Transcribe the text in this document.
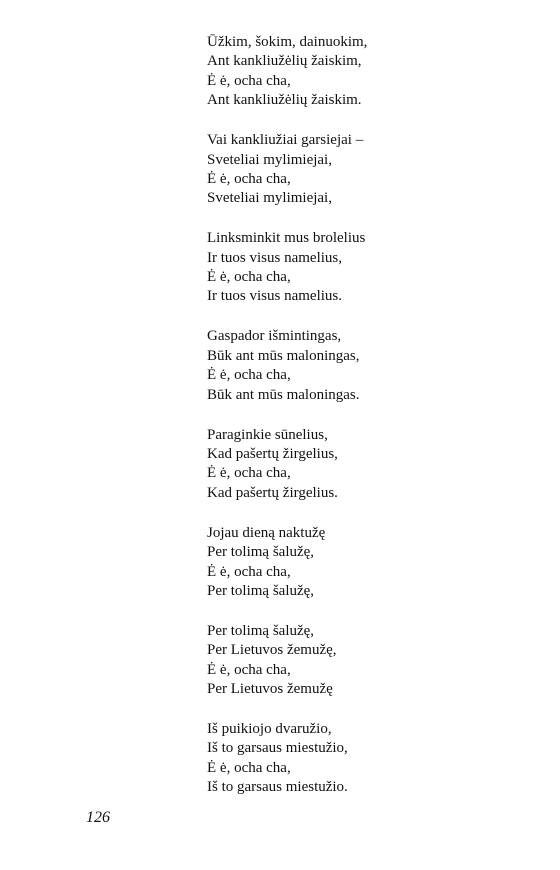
Ūžkim, šokim, dainuokim,
Ant kankliužėlių žaiskim,
Ė ė, ocha cha,
Ant kankliužėlių žaiskim.
Vai kankliužiai garsiejai –
Sveteliai mylimiejai,
Ė ė, ocha cha,
Sveteliai mylimiejai,
Linksminkit mus brolelius
Ir tuos visus namelius,
Ė ė, ocha cha,
Ir tuos visus namelius.
Gaspador išmintingas,
Būk ant mūs maloningas,
Ė ė, ocha cha,
Būk ant mūs maloningas.
Paraginkie sūnelius,
Kad pašertų žirgelius,
Ė ė, ocha cha,
Kad pašertų žirgelius.
Jojau dieną naktužę
Per tolimą šalužę,
Ė ė, ocha cha,
Per tolimą šalužę,
Per tolimą šalužę,
Per Lietuvos žemužę,
Ė ė, ocha cha,
Per Lietuvos žemužę
Iš puikiojo dvaružio,
Iš to garsaus miestužio,
Ė ė, ocha cha,
Iš to garsaus miestužio.
126
